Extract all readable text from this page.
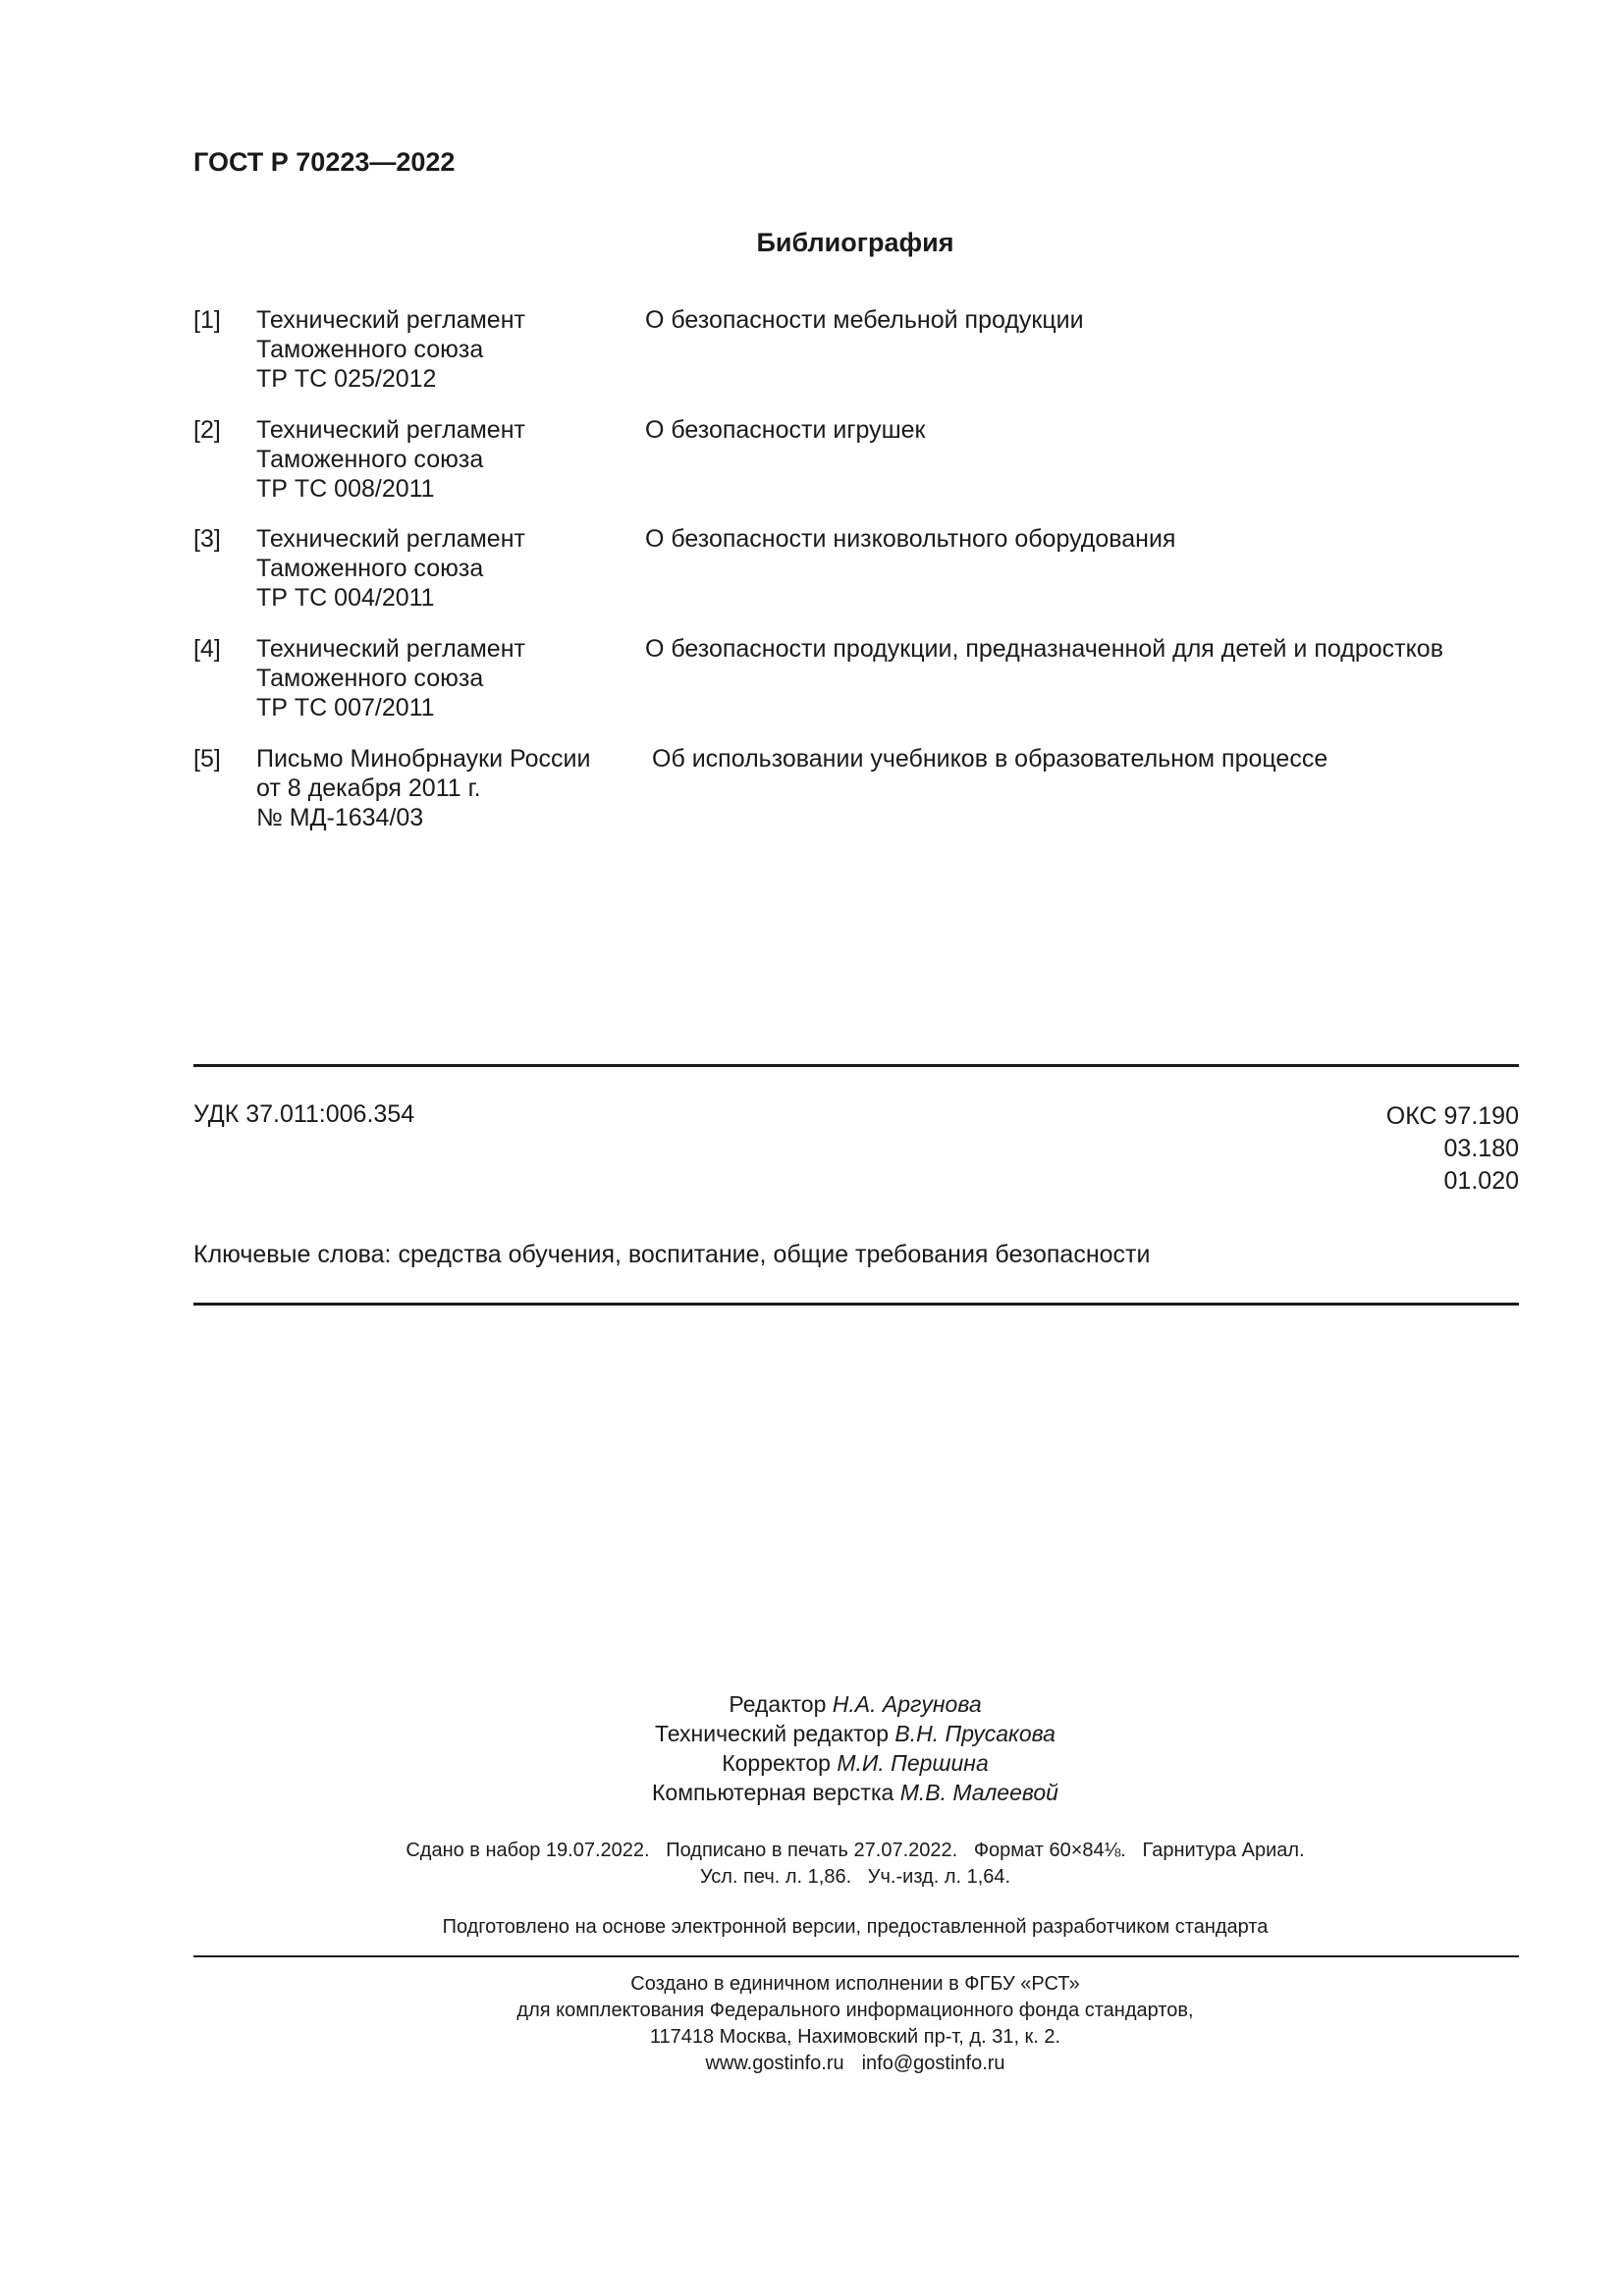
ГОСТ Р 70223—2022
Библиография
[1] Технический регламент
Таможенного союза
ТР ТС 025/2012
О безопасности мебельной продукции
[2] Технический регламент
Таможенного союза
ТР ТС 008/2011
О безопасности игрушек
[3] Технический регламент
Таможенного союза
ТР ТС 004/2011
О безопасности низковольтного оборудования
[4] Технический регламент
Таможенного союза
ТР ТС 007/2011
О безопасности продукции, предназначенной для детей и подростков
[5] Письмо Минобрнауки России
от 8 декабря 2011 г.
№ МД-1634/03
Об использовании учебников в образовательном процессе
УДК 37.011:006.354	ОКС 97.190
03.180
01.020
Ключевые слова: средства обучения, воспитание, общие требования безопасности
Редактор Н.А. Аргунова
Технический редактор В.Н. Прусакова
Корректор М.И. Першина
Компьютерная верстка М.В. Малеевой
Сдано в набор 19.07.2022.   Подписано в печать 27.07.2022.   Формат 60×84⅛.   Гарнитура Ариал.
Усл. печ. л. 1,86.   Уч.-изд. л. 1,64.
Подготовлено на основе электронной версии, предоставленной разработчиком стандарта
Создано в единичном исполнении в ФГБУ «РСТ»
для комплектования Федерального информационного фонда стандартов,
117418 Москва, Нахимовский пр-т, д. 31, к. 2.
www.gostinfo.ru info@gostinfo.ru
